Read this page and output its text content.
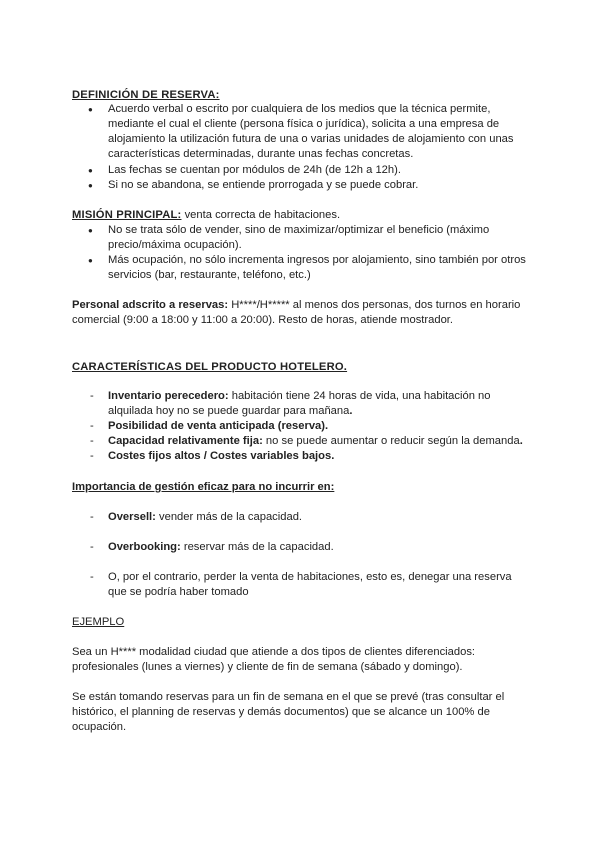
DEFINICIÓN DE RESERVA:
● Acuerdo verbal o escrito por cualquiera de los medios que la técnica permite, mediante el cual el cliente (persona física o jurídica), solicita a una empresa de alojamiento la utilización futura de una o varias unidades de alojamiento con unas características determinadas, durante unas fechas concretas.
● Las fechas se cuentan por módulos de 24h (de 12h a 12h).
● Si no se abandona, se entiende prorrogada y se puede cobrar.
MISIÓN PRINCIPAL: venta correcta de habitaciones.
● No se trata sólo de vender, sino de maximizar/optimizar el beneficio (máximo precio/máxima ocupación).
● Más ocupación, no sólo incrementa ingresos por alojamiento, sino también por otros servicios (bar, restaurante, teléfono, etc.)
Personal adscrito a reservas: H****/H***** al menos dos personas, dos turnos en horario comercial (9:00 a 18:00 y 11:00 a 20:00). Resto de horas, atiende mostrador.
CARACTERÍSTICAS DEL PRODUCTO HOTELERO.
- Inventario perecedero: habitación tiene 24 horas de vida, una habitación no alquilada hoy no se puede guardar para mañana.
- Posibilidad de venta anticipada (reserva).
- Capacidad relativamente fija: no se puede aumentar o reducir según la demanda.
- Costes fijos altos / Costes variables bajos.
Importancia de gestión eficaz para no incurrir en:
- Oversell: vender más de la capacidad.
- Overbooking: reservar más de la capacidad.
- O, por el contrario, perder la venta de habitaciones, esto es, denegar una reserva que se podría haber tomado
EJEMPLO
Sea un H**** modalidad ciudad que atiende a dos tipos de clientes diferenciados: profesionales (lunes a viernes) y cliente de fin de semana (sábado y domingo).
Se están tomando reservas para un fin de semana en el que se prevé (tras consultar el histórico, el planning de reservas y demás documentos) que se alcance un 100% de ocupación.
